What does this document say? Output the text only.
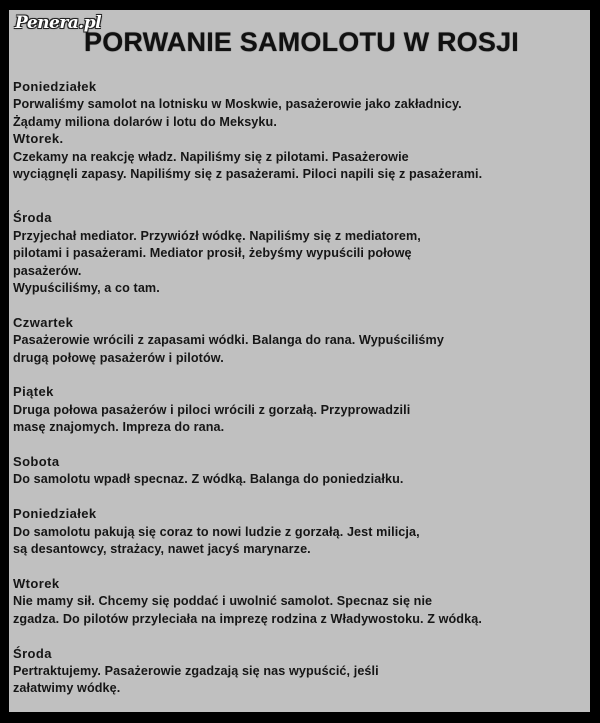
PORWANIE SAMOLOTU W ROSJI
Poniedziałek
Porwaliśmy samolot na lotnisku w Moskwie, pasażerowie jako zakładnicy.
Żądamy miliona dolarów i lotu do Meksyku.
Wtorek.
Czekamy na reakcję władz. Napiliśmy się z pilotami. Pasażerowie
wyciągnęli zapasy. Napiliśmy się z pasażerami. Piloci napili się z pasażerami.
Środa
Przyjechał mediator. Przywiózł wódkę. Napiliśmy się z mediatorem,
pilotami i pasażerami. Mediator prosił, żebyśmy wypuścili połowę
pasażerów.
Wypuściliśmy, a co tam.
Czwartek
Pasażerowie wrócili z zapasami wódki. Balanga do rana. Wypuściliśmy
drugą połowę pasażerów i pilotów.
Piątek
Druga połowa pasażerów i piloci wrócili z gorzałą. Przyprowadzili
masę znajomych. Impreza do rana.
Sobota
Do samolotu wpadł specnaz. Z wódką. Balanga do poniedziałku.
Poniedziałek
Do samolotu pakują się coraz to nowi ludzie z gorzałą. Jest milicja,
są desantowcy, strażacy, nawet jacyś marynarze.
Wtorek
Nie mamy sił. Chcemy się poddać i uwolnić samolot. Specnaz się nie
zgadza. Do pilotów przyleciała na imprezę rodzina z Władywostoku. Z wódką.
Środa
Pertraktujemy. Pasażerowie zgadzają się nas wypuścić, jeśli
załatwimy wódkę.
Penera.pl
